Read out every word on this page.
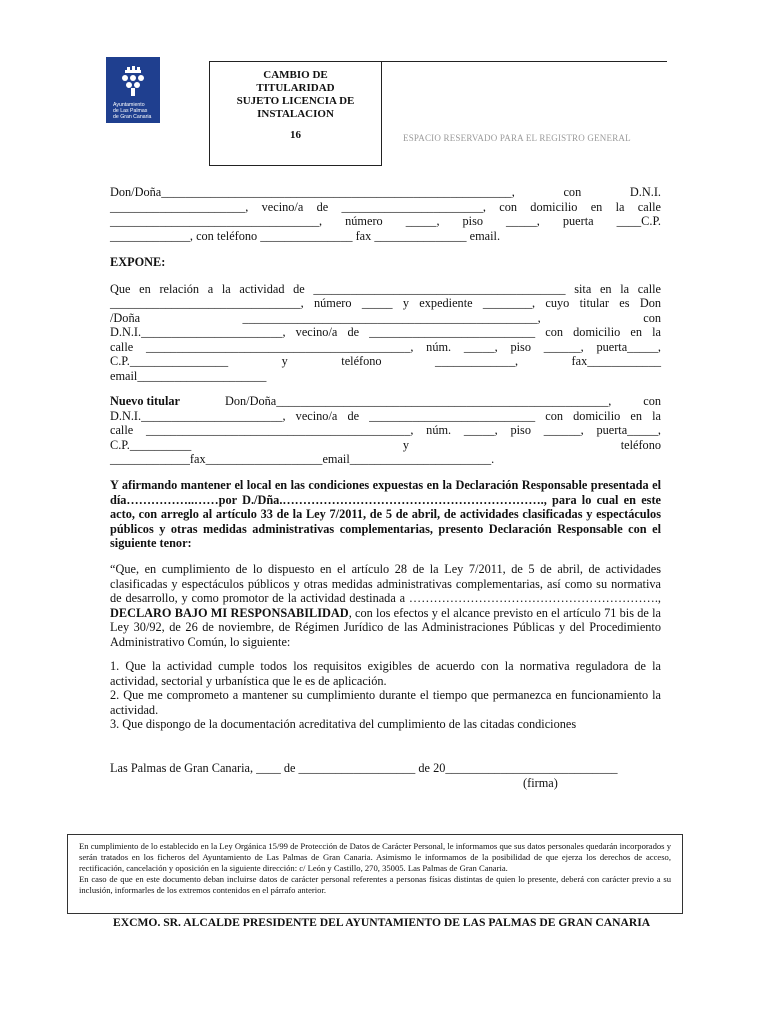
Ayuntamiento
de Las Palmas
de Gran Canaria
CAMBIO DE
TITULARIDAD
SUJETO LICENCIA DE
INSTALACION
16	ESPACIO RESERVADO PARA EL REGISTRO GENERAL

Don/Doña_________________________________________________________, con D.N.I.

______________________, vecino/a de _______________________, con domicilio en la calle

__________________________________, número _____, piso _____, puerta ____C.P.

_____________, con teléfono _______________ fax _______________ email.

EXPONE:

Que en relación a la actividad de _________________________________________ sita en la calle

_______________________________, número _____ y expediente ________, cuyo titular es Don

/Doña ________________________________________________, con

D.N.I._______________________, vecino/a de ___________________________ con domicilio en la

calle ___________________________________________, núm. _____, piso ______, puerta_____,

C.P.________________ y teléfono _____________, fax____________

email_____________________

Nuevo titular	Don/Doña______________________________________________________, con

D.N.I._______________________, vecino/a de ___________________________ con domicilio en la

calle ___________________________________________, núm. _____, piso ______, puerta_____,

C.P.__________ y teléfono

_____________fax___________________email_______________________.

Y afirmando mantener el local en las condiciones expuestas en la Declaración Responsable presentada el día……………..……por D./Dña.………………………………………………………., para lo cual en este acto, con arreglo al artículo 33 de la Ley 7/2011, de 5 de abril, de actividades clasificadas y espectáculos públicos y otras medidas administrativas complementarias, presento Declaración Responsable con el siguiente tenor:

“Que, en cumplimiento de lo dispuesto en el artículo 28 de la Ley 7/2011, de 5 de abril, de actividades clasificadas y espectáculos públicos y otras medidas administrativas complementarias, así como su normativa de desarrollo, y como promotor de la actividad destinada a ……………………………………………………., DECLARO BAJO MI RESPONSABILIDAD, con los efectos y el alcance previsto en el artículo 71 bis de la Ley 30/92, de 26 de noviembre, de Régimen Jurídico de las Administraciones Públicas y del Procedimiento Administrativo Común, lo siguiente:

1. Que la actividad cumple todos los requisitos exigibles de acuerdo con la normativa reguladora de la actividad, sectorial y urbanística que le es de aplicación.

2. Que me comprometo a mantener su cumplimiento durante el tiempo que permanezca en funcionamiento la actividad.

3. Que dispongo de la documentación acreditativa del cumplimiento de las citadas condiciones

Las Palmas de Gran Canaria, ____ de ___________________ de 20____________________________

(firma)

En cumplimiento de lo establecido en la Ley Orgánica 15/99 de Protección de Datos de Carácter Personal, le informamos que sus datos personales quedarán incorporados y serán tratados en los ficheros del Ayuntamiento de Las Palmas de Gran Canaria. Asimismo le informamos de la posibilidad de que ejerza los derechos de acceso, rectificación, cancelación y oposición en la siguiente dirección: c/ León y Castillo, 270, 35005. Las Palmas de Gran Canaria.

En caso de que en este documento deban incluirse datos de carácter personal referentes a personas físicas distintas de quien lo presente, deberá con carácter previo a su inclusión, informarles de los extremos contenidos en el párrafo anterior.

EXCMO. SR. ALCALDE PRESIDENTE DEL AYUNTAMIENTO DE LAS PALMAS DE GRAN CANARIA
